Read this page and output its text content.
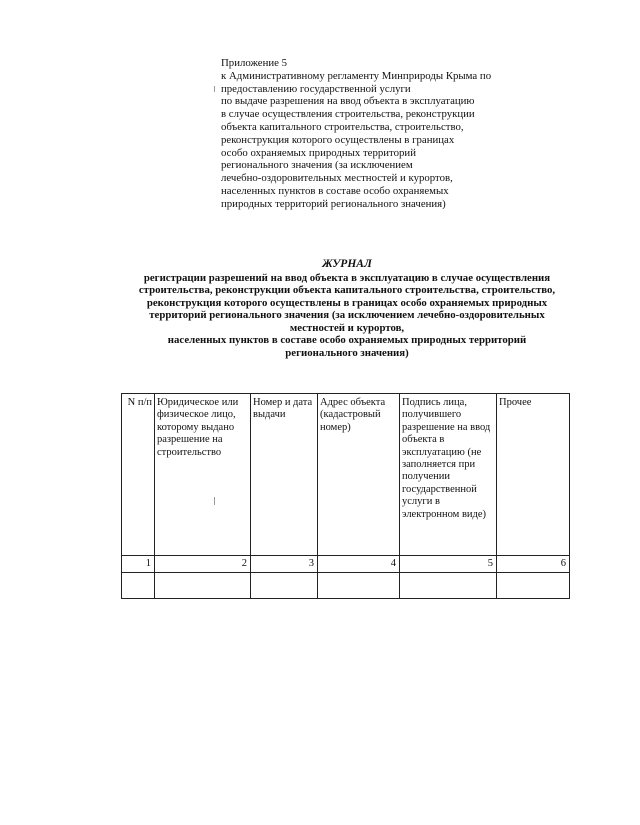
Приложение 5
к Административному регламенту Минприроды Крыма по
предоставлению государственной услуги
по выдаче разрешения на ввод объекта в эксплуатацию
в случае осуществления строительства, реконструкции
объекта капитального строительства, строительство,
реконструкция которого осуществлены в границах
особо охраняемых природных территорий
регионального значения (за исключением
лечебно-оздоровительных местностей и курортов,
населенных пунктов в составе особо охраняемых
природных территорий регионального значения)
ЖУРНАЛ
регистрации разрешений на ввод объекта в эксплуатацию в случае осуществления
строительства, реконструкции объекта капитального строительства, строительство,
реконструкция которого осуществлены в границах особо охраняемых природных
территорий регионального значения (за исключением лечебно-оздоровительных
местностей и курортов,
населенных пунктов в составе особо охраняемых природных территорий
регионального значения)
N п/п	Юридическое или физическое лицо, которому выдано разрешение на строительство	Номер и дата выдачи	Адрес объекта (кадастровый номер)	Подпись лица, получившего разрешение на ввод объекта в эксплуатацию (не заполняется при получении государственной услуги в электронном виде)	Прочее
1	2	3	4	5	6
